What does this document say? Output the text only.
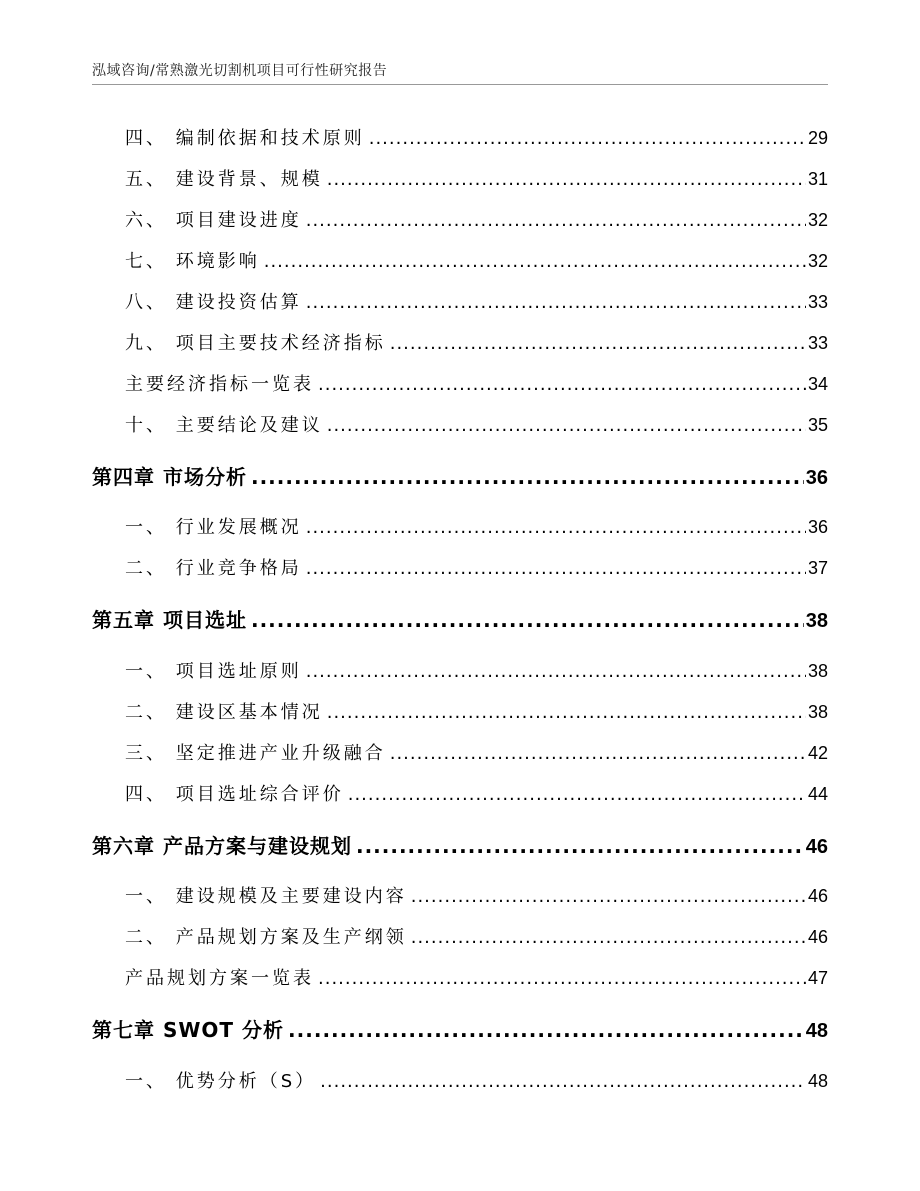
泓域咨询/常熟激光切割机项目可行性研究报告
四、 编制依据和技术原则 .....	29
五、 建设背景、规模 .....	31
六、 项目建设进度 .....	32
七、 环境影响 .....	32
八、 建设投资估算 .....	33
九、 项目主要技术经济指标 .....	33
主要经济指标一览表 .....	34
十、 主要结论及建议 .....	35
第四章 市场分析 .....	36
一、 行业发展概况 .....	36
二、 行业竞争格局 .....	37
第五章 项目选址 .....	38
一、 项目选址原则 .....	38
二、 建设区基本情况 .....	38
三、 坚定推进产业升级融合 .....	42
四、 项目选址综合评价 .....	44
第六章 产品方案与建设规划 .....	46
一、 建设规模及主要建设内容 .....	46
二、 产品规划方案及生产纲领 .....	46
产品规划方案一览表 .....	47
第七章 SWOT 分析 .....	48
一、 优势分析（S） .....	48
